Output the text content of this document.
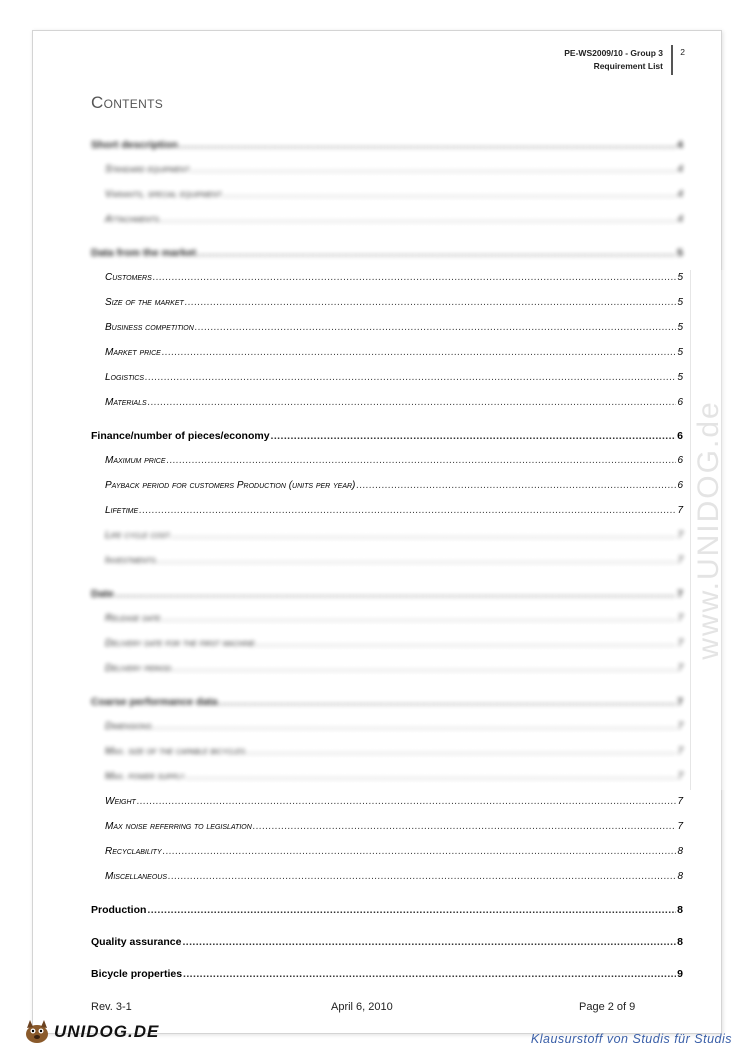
PE-WS2009/10 - Group 3
Requirement List
2
Contents
Short description .....	4
Standard equipment .....	4
Variants, special equipment .....	4
Attachments .....	4
Data from the market .....	5
Customers .....	5
Size of the market .....	5
Business competition .....	5
Market price .....	5
Logistics .....	5
Materials .....	6
Finance/number of pieces/economy .....	6
Maximum price .....	6
Payback period for customers Production (units per year) .....	6
Lifetime .....	7
Life cycle cost .....	7
Investments .....	7
Date .....	7
Release date .....	7
Delivery date for the first machine .....	7
Delivery period .....	7
Coarse performance data .....	7
Dimensions .....	7
Max. size of the capable bicycles .....	7
Max. power supply .....	7
Weight .....	7
Max noise referring to legislation .....	7
Recyclability .....	8
Miscellaneous .....	8
Production .....	8
Quality assurance .....	8
Bicycle properties .....	9
Rev. 3-1	April 6, 2010	Page 2 of 9
www.UNIDOG.de
UNIDOG.DE	Klausurstoff von Studis für Studis
